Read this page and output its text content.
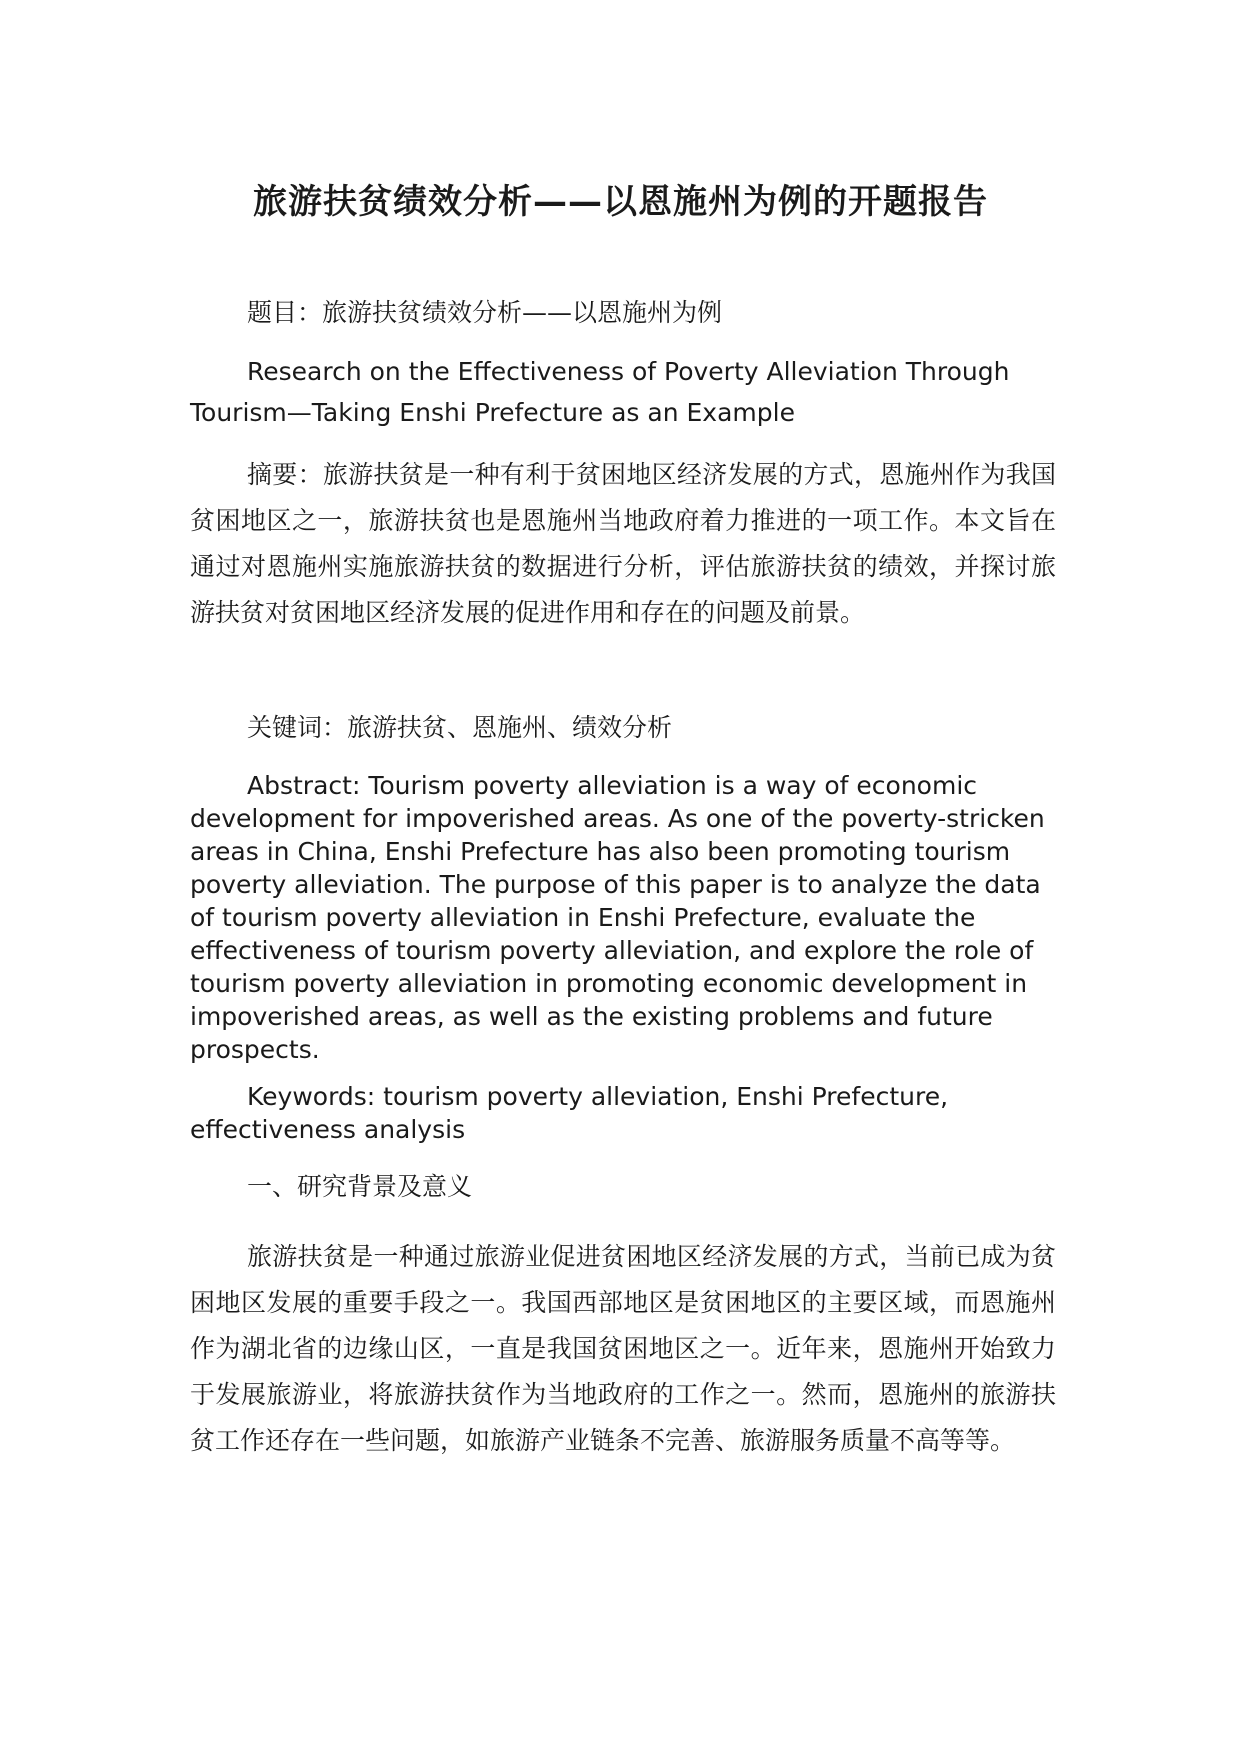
旅游扶贫绩效分析——以恩施州为例的开题报告

题目：旅游扶贫绩效分析——以恩施州为例

Research on the Effectiveness of Poverty Alleviation Through Tourism—Taking Enshi Prefecture as an Example

摘要：旅游扶贫是一种有利于贫困地区经济发展的方式，恩施州作为我国贫困地区之一，旅游扶贫也是恩施州当地政府着力推进的一项工作。本文旨在通过对恩施州实施旅游扶贫的数据进行分析，评估旅游扶贫的绩效，并探讨旅游扶贫对贫困地区经济发展的促进作用和存在的问题及前景。

关键词：旅游扶贫、恩施州、绩效分析

Abstract: Tourism poverty alleviation is a way of economic development for impoverished areas. As one of the poverty-stricken areas in China, Enshi Prefecture has also been promoting tourism poverty alleviation. The purpose of this paper is to analyze the data of tourism poverty alleviation in Enshi Prefecture, evaluate the effectiveness of tourism poverty alleviation, and explore the role of tourism poverty alleviation in promoting economic development in impoverished areas, as well as the existing problems and future prospects.

Keywords: tourism poverty alleviation, Enshi Prefecture, effectiveness analysis

一、研究背景及意义

旅游扶贫是一种通过旅游业促进贫困地区经济发展的方式，当前已成为贫困地区发展的重要手段之一。我国西部地区是贫困地区的主要区域，而恩施州作为湖北省的边缘山区，一直是我国贫困地区之一。近年来，恩施州开始致力于发展旅游业，将旅游扶贫作为当地政府的工作之一。然而，恩施州的旅游扶贫工作还存在一些问题，如旅游产业链条不完善、旅游服务质量不高等等。
